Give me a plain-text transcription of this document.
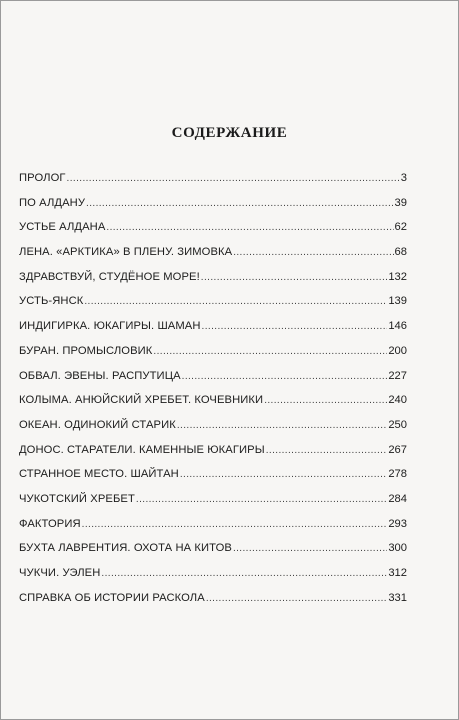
СОДЕРЖАНИЕ
ПРОЛОГ .....	3
ПО АЛДАНУ .....	39
УСТЬЕ АЛДАНА .....	62
ЛЕНА. «АРКТИКА» В ПЛЕНУ. ЗИМОВКА .....	68
ЗДРАВСТВУЙ, СТУДЁНОЕ МОРЕ! .....	132
УСТЬ-ЯНСК .....	139
ИНДИГИРКА. ЮКАГИРЫ. ШАМАН .....	146
БУРАН. ПРОМЫСЛОВИК .....	200
ОБВАЛ. ЭВЕНЫ. РАСПУТИЦА .....	227
КОЛЫМА. АНЮЙСКИЙ ХРЕБЕТ. КОЧЕВНИКИ .....	240
ОКЕАН. ОДИНОКИЙ СТАРИК .....	250
ДОНОС. СТАРАТЕЛИ. КАМЕННЫЕ ЮКАГИРЫ .....	267
СТРАННОЕ МЕСТО. ШАЙТАН .....	278
ЧУКОТСКИЙ ХРЕБЕТ .....	284
ФАКТОРИЯ .....	293
БУХТА ЛАВРЕНТИЯ. ОХОТА НА КИТОВ .....	300
ЧУКЧИ. УЭЛЕН .....	312
СПРАВКА ОБ ИСТОРИИ РАСКОЛА .....	331
